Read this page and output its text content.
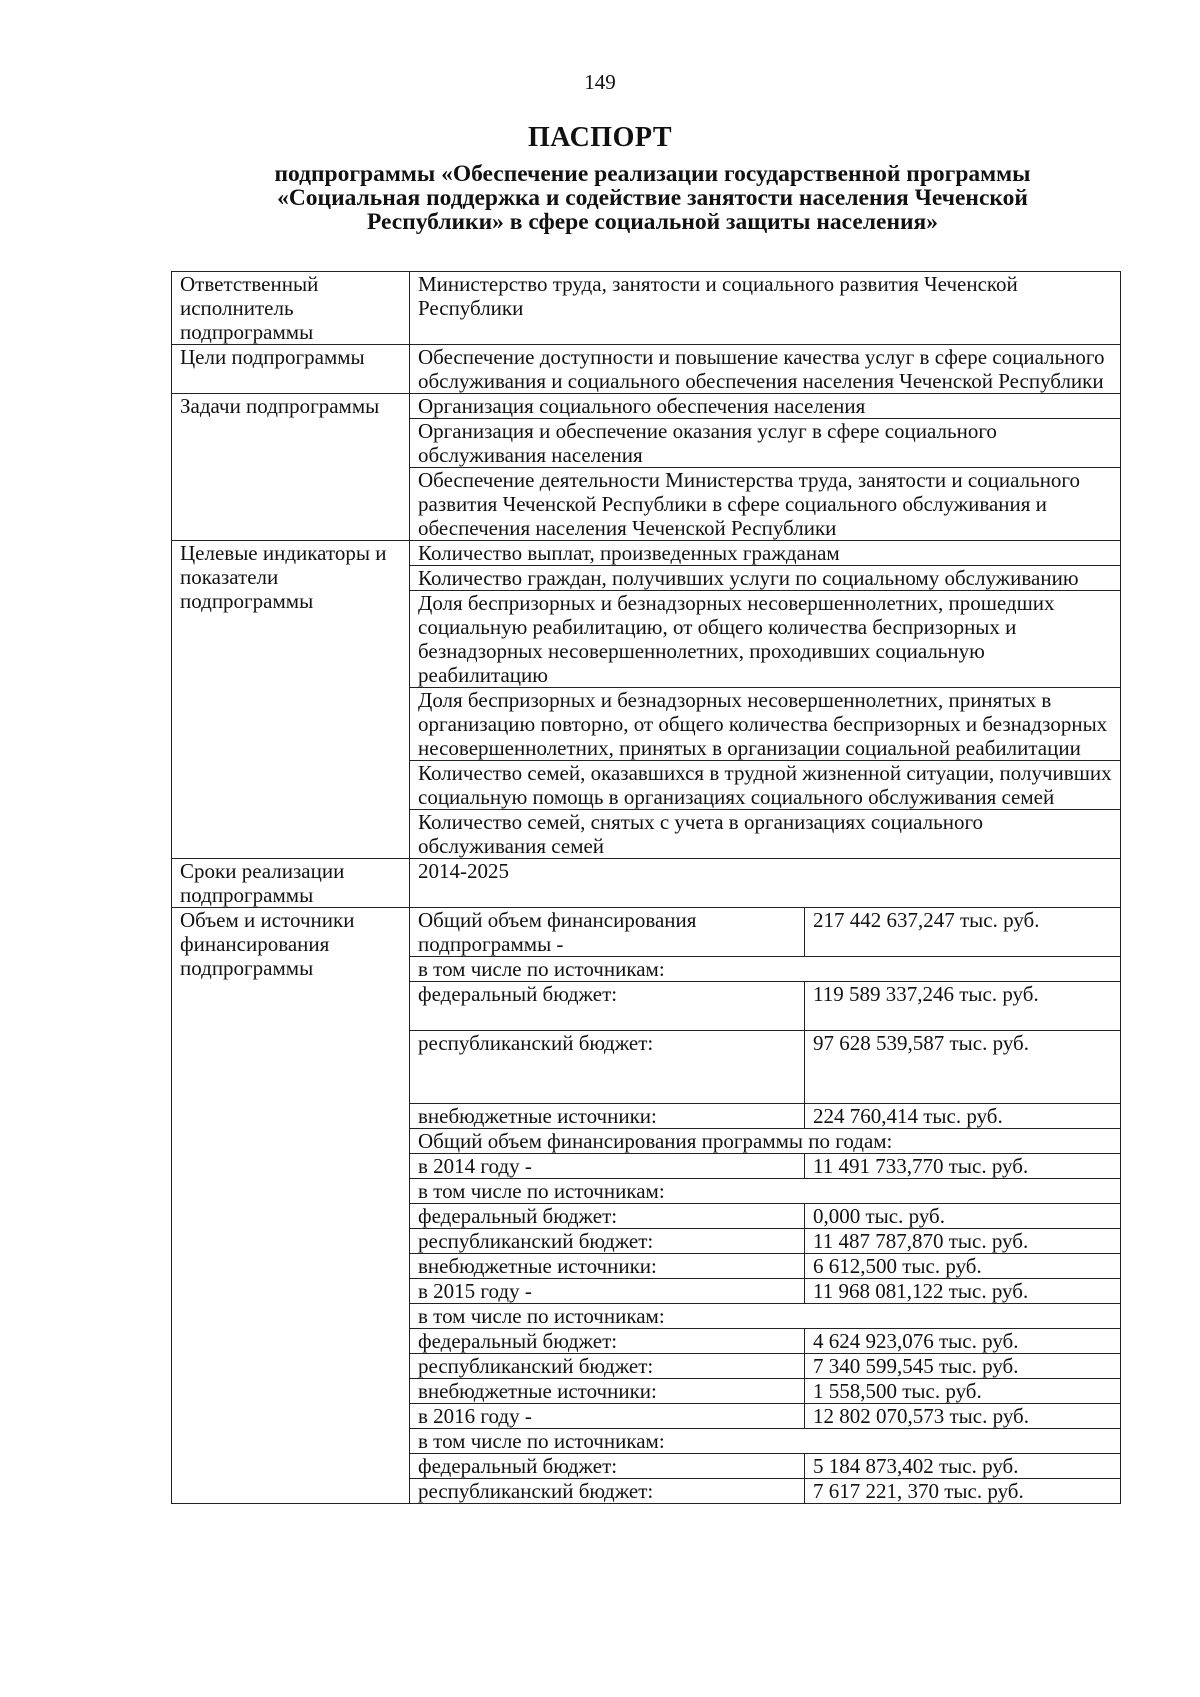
149
ПАСПОРТ
подпрограммы «Обеспечение реализации государственной программы
«Социальная поддержка и содействие занятости населения Чеченской
Республики» в сфере социальной защиты населения»
Ответственный исполнитель подпрограммы	Министерство труда, занятости и социального развития Чеченской Республики	
Цели подпрограммы	Обеспечение доступности и повышение качества услуг в сфере социального обслуживания и социального обеспечения населения Чеченской Республики	
Задачи подпрограммы	Организация социального обеспечения населения	
	Организация и обеспечение оказания услуг в сфере социального обслуживания населения	
	Обеспечение деятельности Министерства труда, занятости и социального развития Чеченской Республики в сфере социального обслуживания и обеспечения населения Чеченской Республики	
Целевые индикаторы и показатели подпрограммы	Количество выплат, произведенных гражданам	
	Количество граждан, получивших услуги по социальному обслуживанию	
	Доля беспризорных и безнадзорных несовершеннолетних, прошедших социальную реабилитацию, от общего количества беспризорных и безнадзорных несовершеннолетних, проходивших социальную реабилитацию	
	Доля беспризорных и безнадзорных несовершеннолетних, принятых в организацию повторно, от общего количества беспризорных и безнадзорных несовершеннолетних, принятых в организации социальной реабилитации	
	Количество семей, оказавшихся в трудной жизненной ситуации, получивших социальную помощь в организациях социального обслуживания семей	
	Количество семей, снятых с учета в организациях социального обслуживания семей	
Сроки реализации подпрограммы	2014-2025	
Объем и источники финансирования подпрограммы	Общий объем финансирования подпрограммы -	217 442 637,247 тыс. руб.
	в том числе по источникам:	
	федеральный бюджет:	119 589 337,246 тыс. руб.
	республиканский бюджет:	97 628 539,587 тыс. руб.
	внебюджетные источники:	224 760,414 тыс. руб.
	Общий объем финансирования программы по годам:	
	в 2014 году -	11 491 733,770 тыс. руб.
	в том числе по источникам:	
	федеральный бюджет:	0,000 тыс. руб.
	республиканский бюджет:	11 487 787,870 тыс. руб.
	внебюджетные источники:	6 612,500 тыс. руб.
	в 2015 году -	11 968 081,122 тыс. руб.
	в том числе по источникам:	
	федеральный бюджет:	4 624 923,076 тыс. руб.
	республиканский бюджет:	7 340 599,545 тыс. руб.
	внебюджетные источники:	1 558,500 тыс. руб.
	в 2016 году -	12 802 070,573 тыс. руб.
	в том числе по источникам:	
	федеральный бюджет:	5 184 873,402 тыс. руб.
	республиканский бюджет:	7 617 221, 370 тыс. руб.
